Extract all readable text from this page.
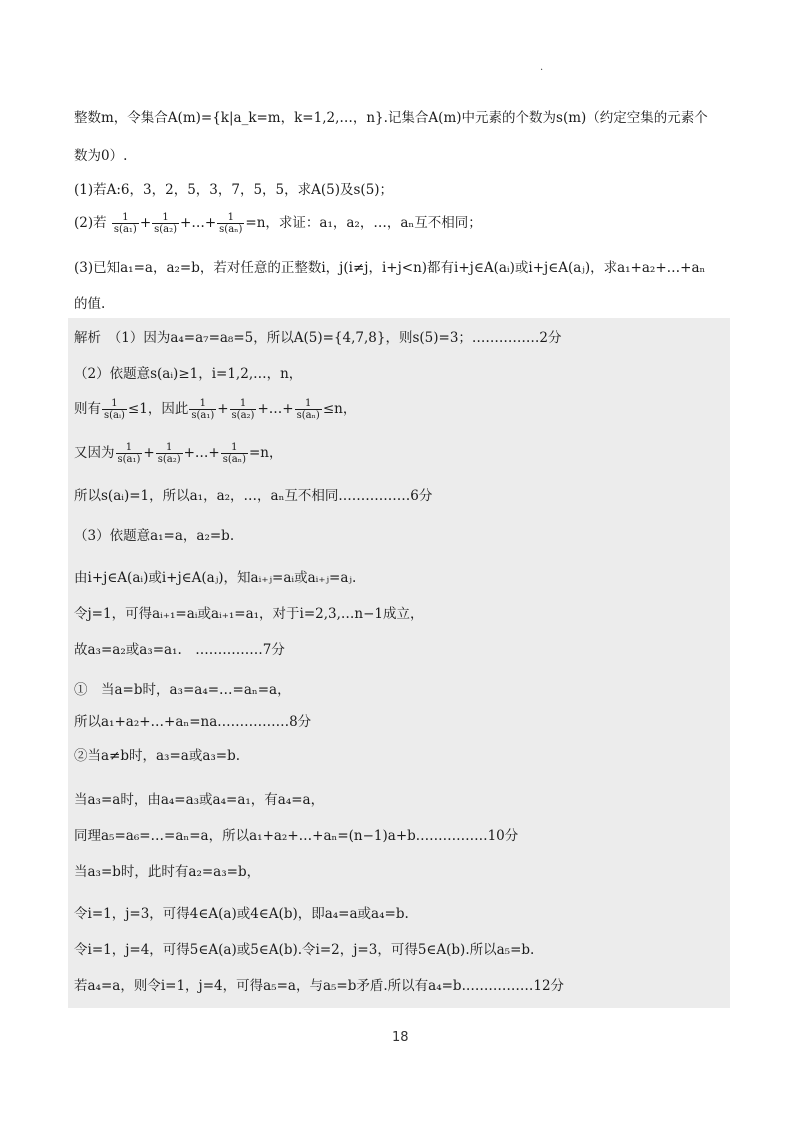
.
整数m，令集合A(m)={k|a_k=m，k=1,2,…，n}.记集合A(m)中元素的个数为s(m)（约定空集的元素个
数为0）.
(1)若A:6，3，2，5，3，7，5，5，求A(5)及s(5)；
(2)若 $\frac{1}{\text{s(a₁)}} + \frac{1}{\text{s(a₂)}}$ +…+ $\frac{1}{\text{s(aₙ)}} =n$，求证：a₁，a₂，…，aₙ互不相同；
(3)已知a₁=a，a₂=b，若对任意的正整数i，j(i≠j，i+j<n)都有i+j∈A(aᵢ)或i+j∈A(aⱼ)，求a₁+a₂+…+aₙ
的值.
解析　（1）因为a₄=a₇=a₈=5，所以A(5)={4,7,8}，则s(5)=3；……………2分
（2）依题意s(aᵢ)≥1，i=1,2,…，n，
则有 $\frac{1}{\text{s(aᵢ)}} \le 1$，因此 $\frac{1}{\text{s(a₁)}} + \frac{1}{\text{s(a₂)}}$ +…+ $\frac{1}{\text{s(aₙ)}} \le n$，
又因为 $\frac{1}{\text{s(a₁)}} + \frac{1}{\text{s(a₂)}}$ +…+ $\frac{1}{\text{s(aₙ)}} =n$，
所以s(aᵢ)=1，所以a₁，a₂，…，aₙ互不相同.……………6分
（3）依题意a₁=a，a₂=b.
由i+j∈A(aᵢ)或i+j∈A(aⱼ)，知aᵢ₊ⱼ=aᵢ或aᵢ₊ⱼ=aⱼ.
令j=1，可得aᵢ₊₁=aᵢ或aᵢ₊₁=a₁，对于i=2,3,…n−1成立，
故a₃=a₂或a₃=a₁.　……………7分
①　当a=b时，a₃=a₄=…=aₙ=a，
所以a₁+a₂+…+aₙ=na.……………8分
②当a≠b时，a₃=a或a₃=b.
当a₃=a时，由a₄=a₃或a₄=a₁，有a₄=a，
同理a₅=a₆=…=aₙ=a，所以a₁+a₂+…+aₙ=(n−1)a+b.……………10分
当a₃=b时，此时有a₂=a₃=b，
令i=1，j=3，可得4∈A(a)或4∈A(b)，即a₄=a或a₄=b.
令i=1，j=4，可得5∈A(a)或5∈A(b).令i=2，j=3，可得5∈A(b).所以a₅=b.
若a₄=a，则令i=1，j=4，可得a₅=a，与a₅=b矛盾.所以有a₄=b.……………12分
18
